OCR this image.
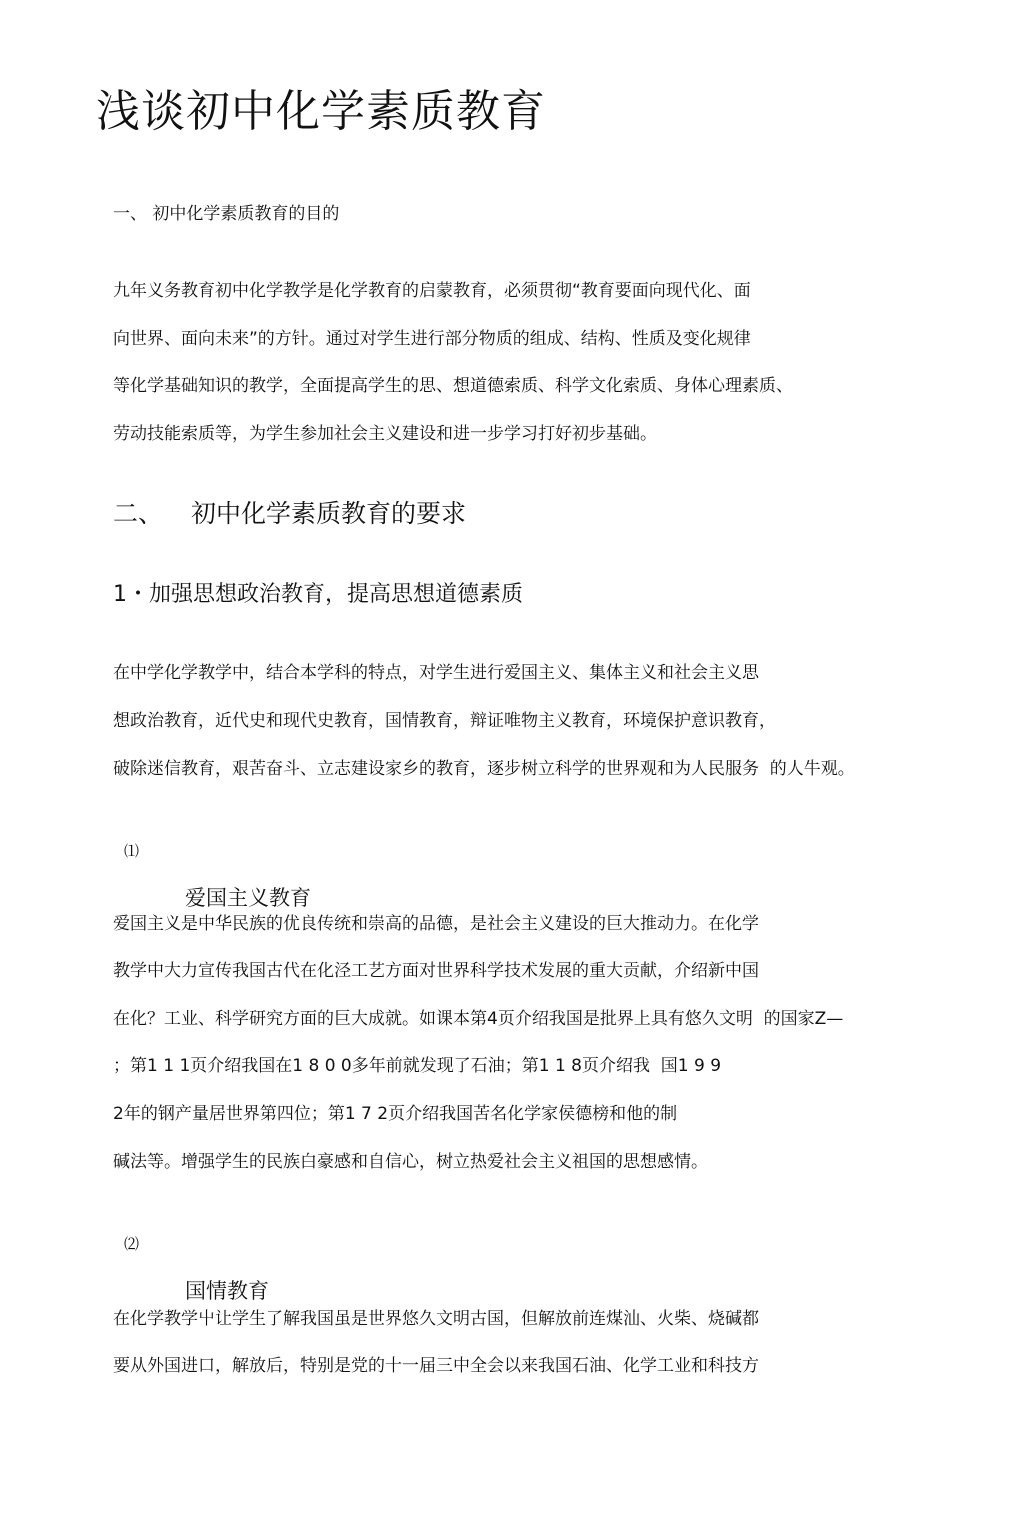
浅谈初中化学素质教育
一、 初中化学素质教育的目的
九年义务教育初中化学教学是化学教育的启蒙教育，必须贯彻“教育要面向现代化、面
向世界、面向未来”的方针。通过对学生进行部分物质的组成、结构、性质及变化规律
等化学基础知识的教学，全面提高学生的思、想道德索质、科学文化索质、身体心理素质、
劳动技能索质等，为学生参加社会主义建设和进一步学习打好初步基础。
二、 初中化学素质教育的要求
1・加强思想政治教育，提高思想道德素质
在中学化学教学中，结合本学科的特点，对学生进行爱国主义、集体主义和社会主义思
想政治教育，近代史和现代史教育，国情教育，辩证唯物主义教育，环境保护意识教育，
破除迷信教育，艰苦奋斗、立志建设家乡的教育，逐步树立科学的世界观和为人民服务  的人牛观。

⑴

爱国主义教育

爱国主义是中华民族的优良传统和崇高的品德，是社会主义建设的巨大推动力。在化学
教学中大力宣传我国古代在化泾工艺方面对世界科学技术发展的重大贡献，介绍新中国
在化？工业、科学研究方面的巨大成就。如课本第4页介绍我国是批界上具有悠久文明  的国家Z—
；第1 1 1页介绍我国在1 8 0 0多年前就发现了石油；第1 1 8页介绍我  国1 9 9
2年的钢产量居世界第四位；第1 7 2页介绍我国苦名化学家侯德榜和他的制
碱法等。增强学生的民族白豪感和自信心，树立热爱社会主义祖国的思想感情。

⑵

国情教育

在化学教学屮让学生了解我国虽是世界悠久文明古国，但解放前连煤汕、火柴、烧碱都
要从外国进口，解放后，特别是党的十一届三中全会以来我国石油、化学工业和科技方
